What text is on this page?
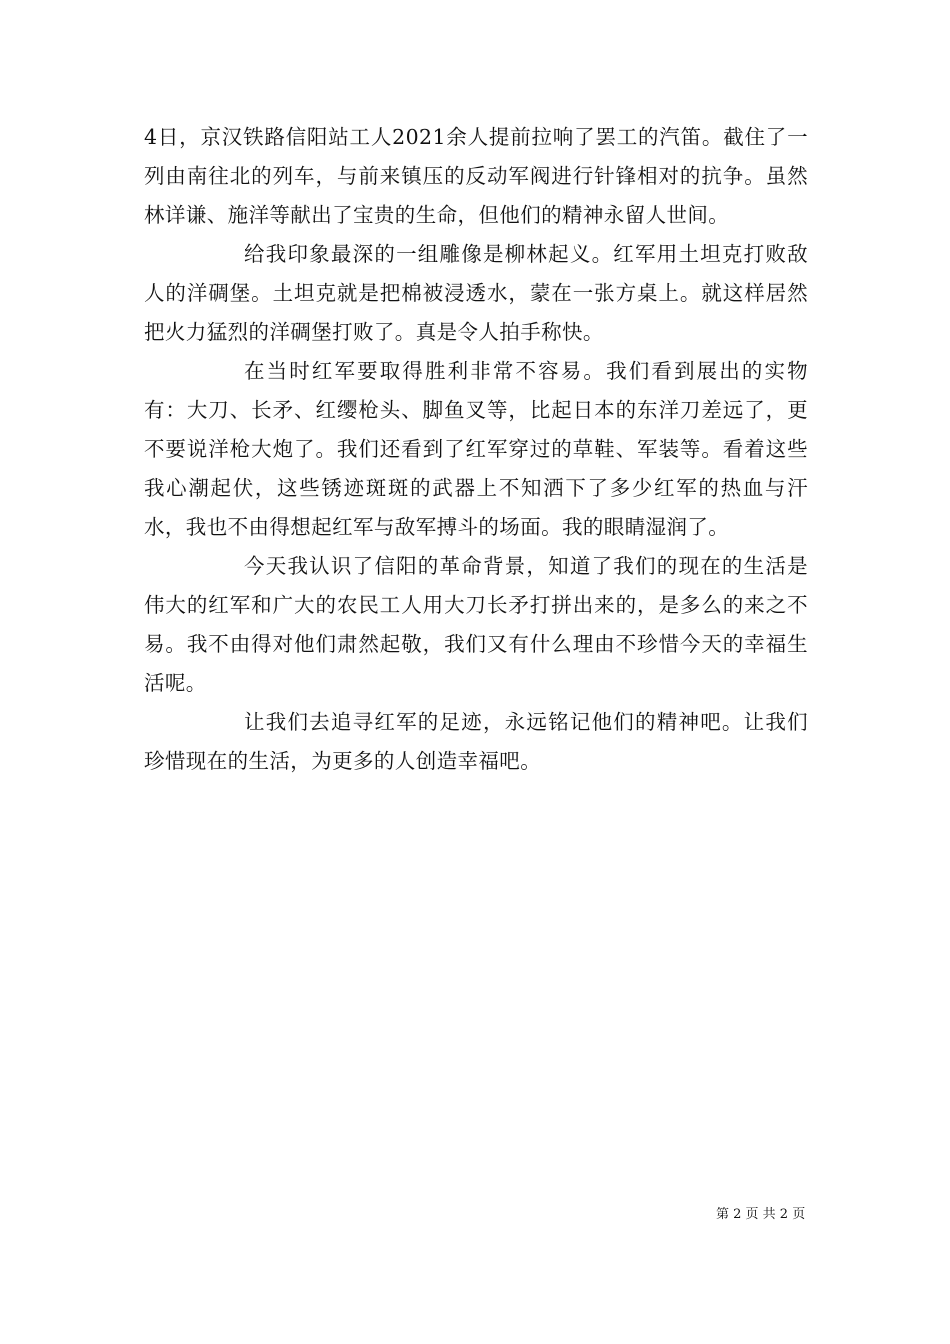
4日，京汉铁路信阳站工人2021余人提前拉响了罢工的汽笛。截住了一列由南往北的列车，与前来镇压的反动军阀进行针锋相对的抗争。虽然林详谦、施洋等献出了宝贵的生命，但他们的精神永留人世间。

给我印象最深的一组雕像是柳林起义。红军用土坦克打败敌人的洋碉堡。土坦克就是把棉被浸透水，蒙在一张方桌上。就这样居然把火力猛烈的洋碉堡打败了。真是令人拍手称快。

在当时红军要取得胜利非常不容易。我们看到展出的实物有：大刀、长矛、红缨枪头、脚鱼叉等，比起日本的东洋刀差远了，更不要说洋枪大炮了。我们还看到了红军穿过的草鞋、军装等。看着这些我心潮起伏，这些锈迹斑斑的武器上不知洒下了多少红军的热血与汗水，我也不由得想起红军与敌军搏斗的场面。我的眼睛湿润了。

今天我认识了信阳的革命背景，知道了我们的现在的生活是伟大的红军和广大的农民工人用大刀长矛打拼出来的，是多么的来之不易。我不由得对他们肃然起敬，我们又有什么理由不珍惜今天的幸福生活呢。

让我们去追寻红军的足迹，永远铭记他们的精神吧。让我们珍惜现在的生活，为更多的人创造幸福吧。

第 2 页 共 2 页
